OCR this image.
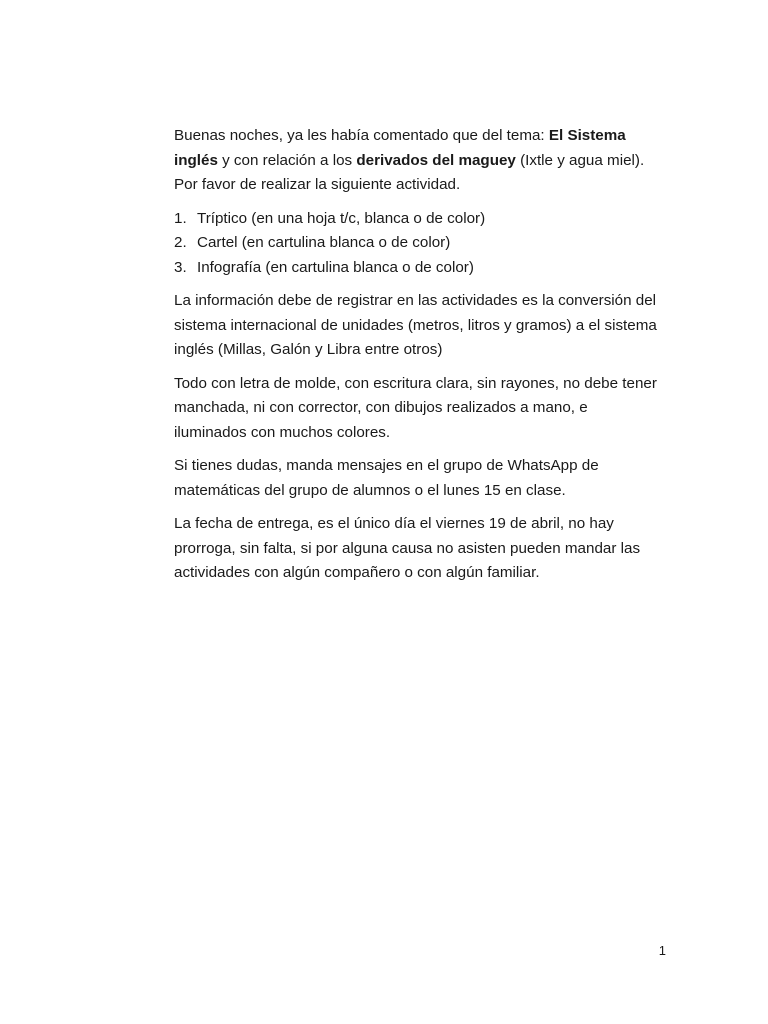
Buenas noches, ya les había comentado que del tema: El Sistema inglés y con relación a los derivados del maguey (Ixtle y agua miel). Por favor de realizar la siguiente actividad.

1. Tríptico (en una hoja t/c, blanca o de color)
2. Cartel (en cartulina blanca o de color)
3. Infografía (en cartulina blanca o de color)

La información debe de registrar en las actividades es la conversión del sistema internacional de unidades (metros, litros y gramos) a el sistema inglés (Millas, Galón y Libra entre otros)

Todo con letra de molde, con escritura clara, sin rayones, no debe tener manchada, ni con corrector, con dibujos realizados a mano, e iluminados con muchos colores.

Si tienes dudas, manda mensajes en el grupo de WhatsApp de matemáticas del grupo de alumnos o el lunes 15 en clase.

La fecha de entrega, es el único día el viernes 19 de abril, no hay prorroga, sin falta, si por alguna causa no asisten pueden mandar las actividades con algún compañero o con algún familiar.

1
